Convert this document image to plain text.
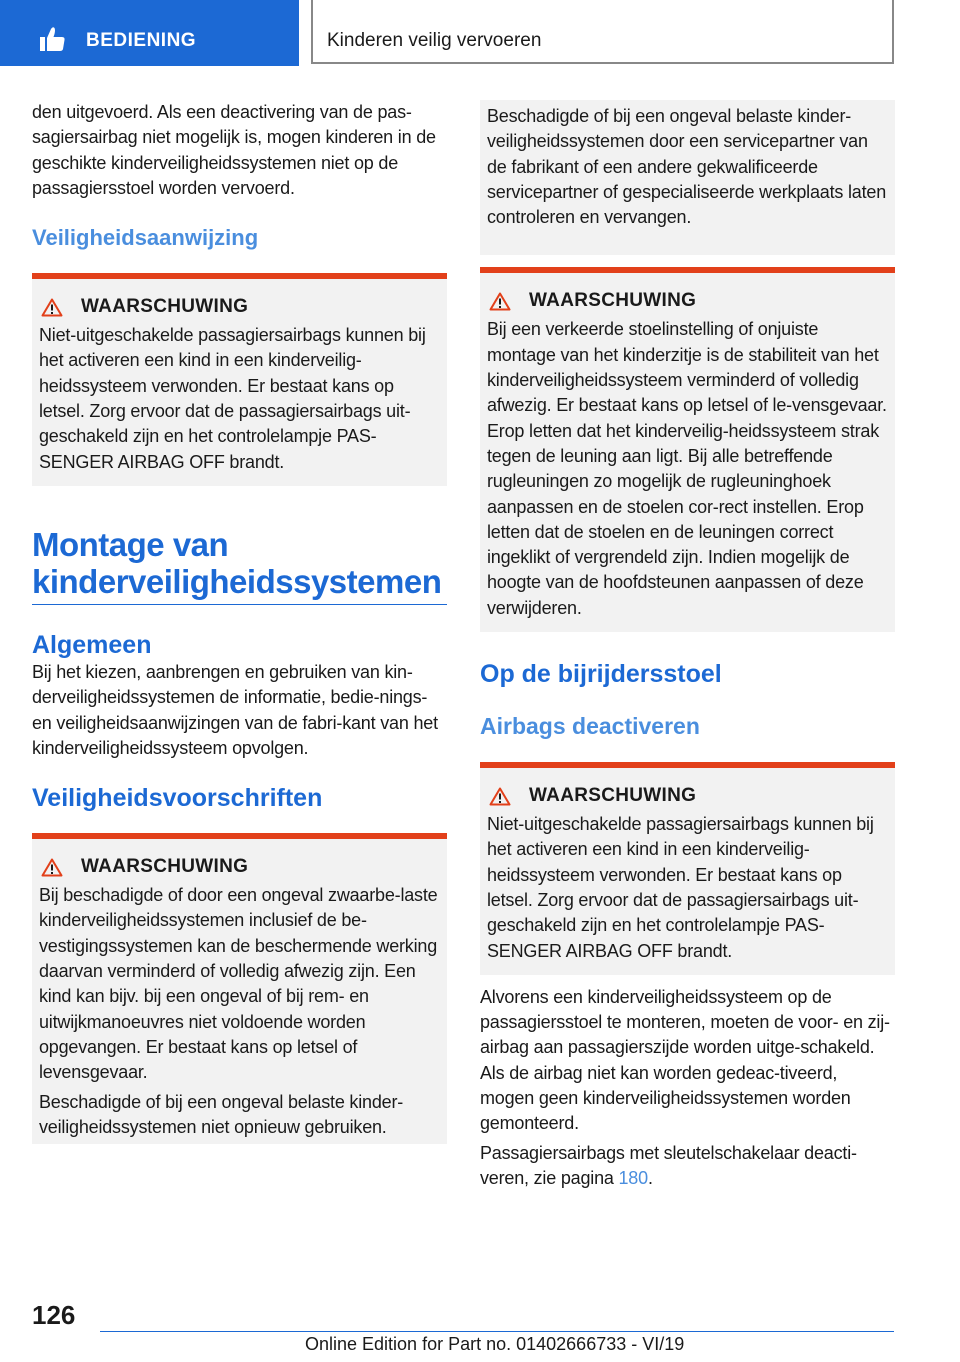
BEDIENING	Kinderen veilig vervoeren

den uitgevoerd. Als een deactivering van de pas-sagiersairbag niet mogelijk is, mogen kinderen in de geschikte kinderveiligheidssystemen niet op de passagiersstoel worden vervoerd.

Veiligheidsaanwijzing
WAARSCHUWING

Niet-uitgeschakelde passagiersairbags kunnen bij het activeren een kind in een kinderveilig-heidssysteem verwonden. Er bestaat kans op letsel. Zorg ervoor dat de passagiersairbags uit-geschakeld zijn en het controlelampje PAS-SENGER AIRBAG OFF brandt.

Montage van kinderveiligheidssystemen
Algemeen

Bij het kiezen, aanbrengen en gebruiken van kin-derveiligheidssystemen de informatie, bedie-nings- en veiligheidsaanwijzingen van de fabri-kant van het kinderveiligheidssysteem opvolgen.

Veiligheidsvoorschriften
WAARSCHUWING

Bij beschadigde of door een ongeval zwaarbe-laste kinderveiligheidssystemen inclusief de be-vestigingssystemen kan de beschermende werking daarvan verminderd of volledig afwezig zijn. Een kind kan bijv. bij een ongeval of bij rem- en uitwijkmanoeuvres niet voldoende worden opgevangen. Er bestaat kans op letsel of levensgevaar.

Beschadigde of bij een ongeval belaste kinder-veiligheidssystemen niet opnieuw gebruiken.

Beschadigde of bij een ongeval belaste kinder-veiligheidssystemen door een servicepartner van de fabrikant of een andere gekwalificeerde servicepartner of gespecialiseerde werkplaats laten controleren en vervangen.

WAARSCHUWING

Bij een verkeerde stoelinstelling of onjuiste montage van het kinderzitje is de stabiliteit van het kinderveiligheidssysteem verminderd of volledig afwezig. Er bestaat kans op letsel of le-vensgevaar. Erop letten dat het kinderveilig-heidssysteem strak tegen de leuning aan ligt. Bij alle betreffende rugleuningen zo mogelijk de rugleuninghoek aanpassen en de stoelen cor-rect instellen. Erop letten dat de stoelen en de leuningen correct ingeklikt of vergrendeld zijn. Indien mogelijk de hoogte van de hoofdsteunen aanpassen of deze verwijderen.

Op de bijrijdersstoel
Airbags deactiveren
WAARSCHUWING

Niet-uitgeschakelde passagiersairbags kunnen bij het activeren een kind in een kinderveilig-heidssysteem verwonden. Er bestaat kans op letsel. Zorg ervoor dat de passagiersairbags uit-geschakeld zijn en het controlelampje PAS-SENGER AIRBAG OFF brandt.

Alvorens een kinderveiligheidssysteem op de passagiersstoel te monteren, moeten de voor- en zij-airbag aan passagierszijde worden uitge-schakeld. Als de airbag niet kan worden gedeac-tiveerd, mogen geen kinderveiligheidssystemen worden gemonteerd.

Passagiersairbags met sleutelschakelaar deacti-veren, zie pagina 180.

126
Online Edition for Part no. 01402666733 - VI/19
